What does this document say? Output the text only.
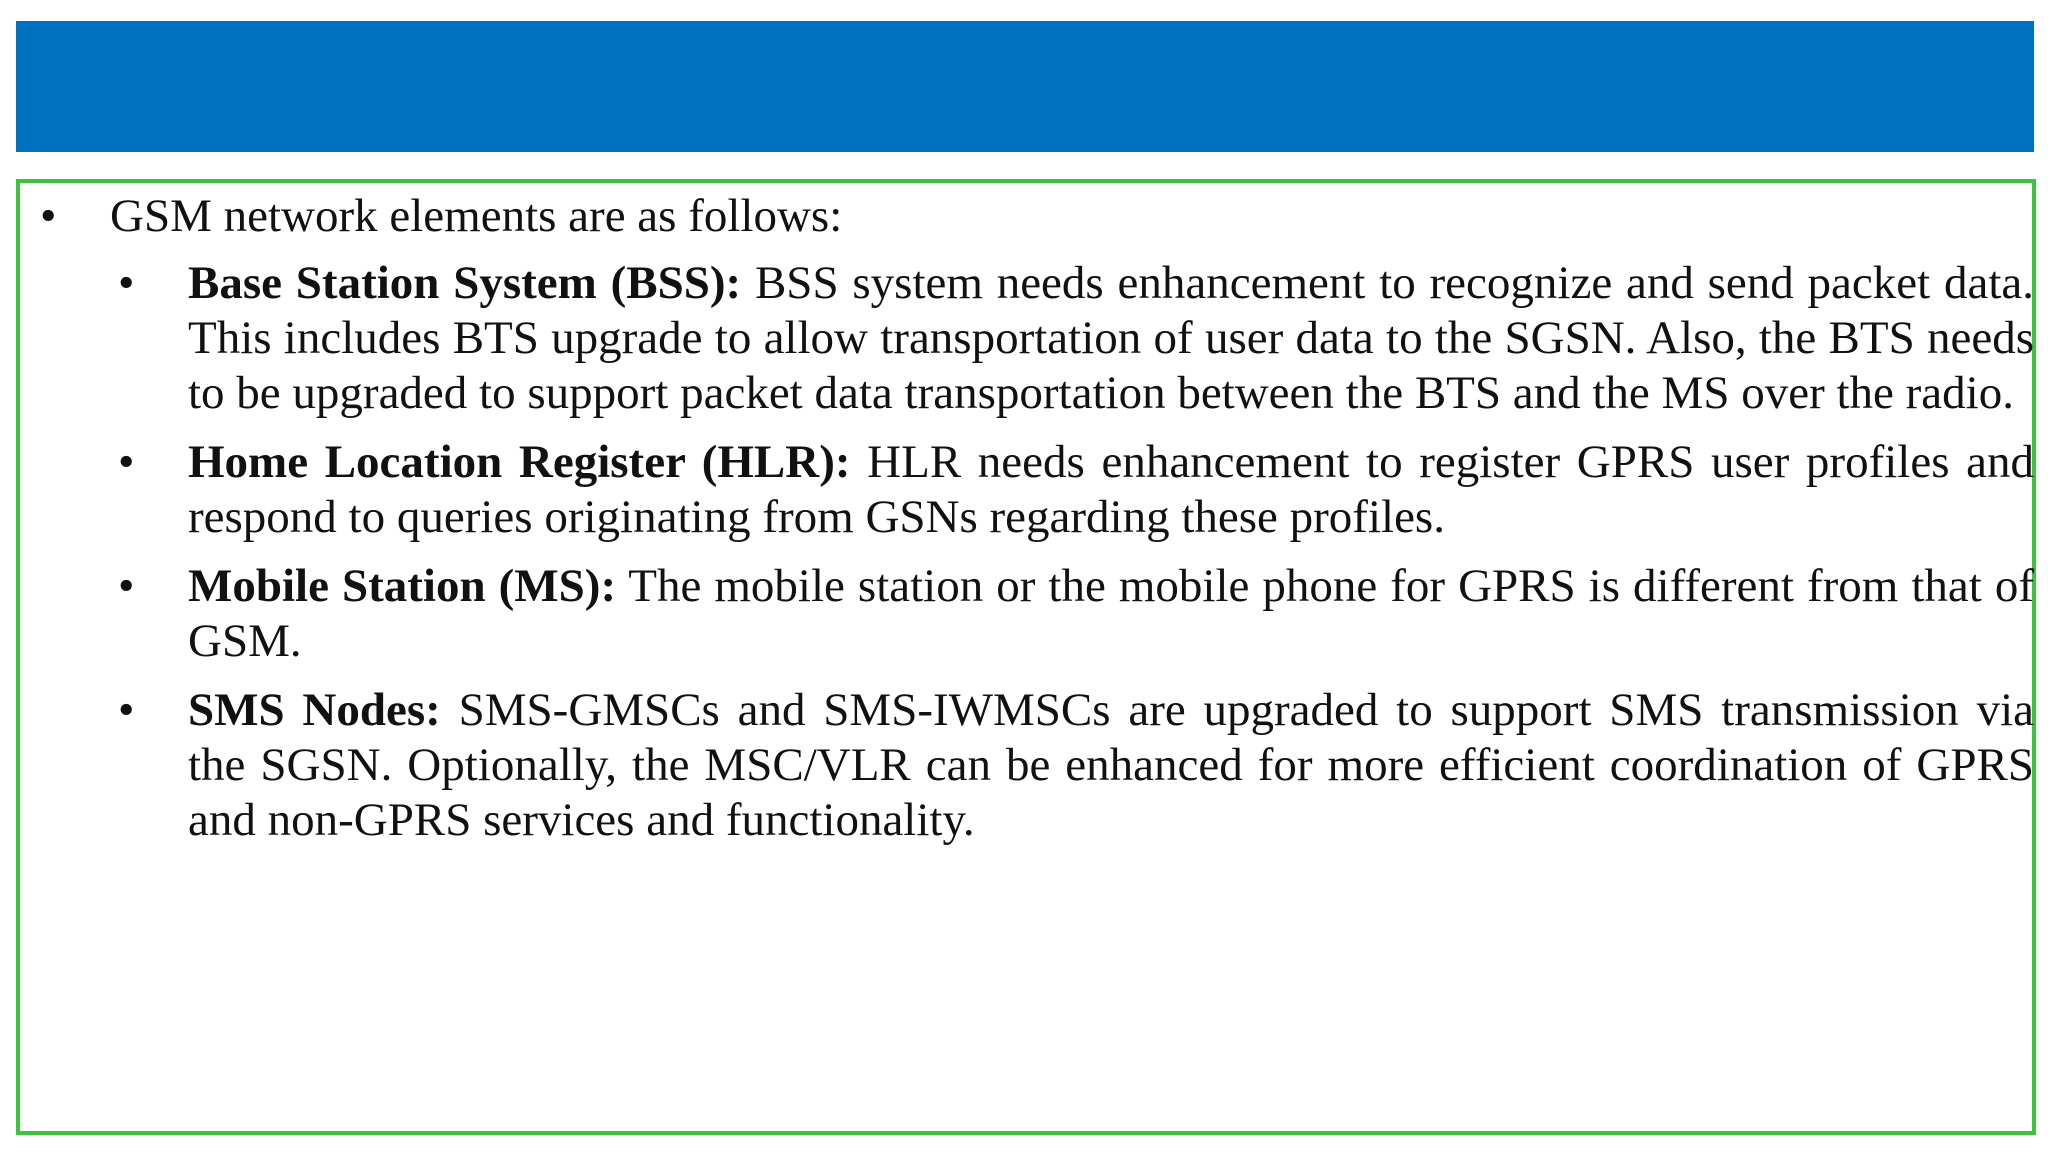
•	GSM network elements are as follows:
•	Base Station System (BSS): BSS system needs enhancement to recognize and send packet data. This includes BTS upgrade to allow transportation of user data to the SGSN. Also, the BTS needs to be upgraded to support packet data transportation between the BTS and the MS over the radio.
•	Home Location Register (HLR): HLR needs enhancement to register GPRS user profiles and respond to queries originating from GSNs regarding these profiles.
•	Mobile Station (MS): The mobile station or the mobile phone for GPRS is different from that of GSM.
•	SMS Nodes: SMS-GMSCs and SMS-IWMSCs are upgraded to support SMS transmission via the SGSN. Optionally, the MSC/VLR can be enhanced for more efficient coordination of GPRS and non-GPRS services and functionality.
